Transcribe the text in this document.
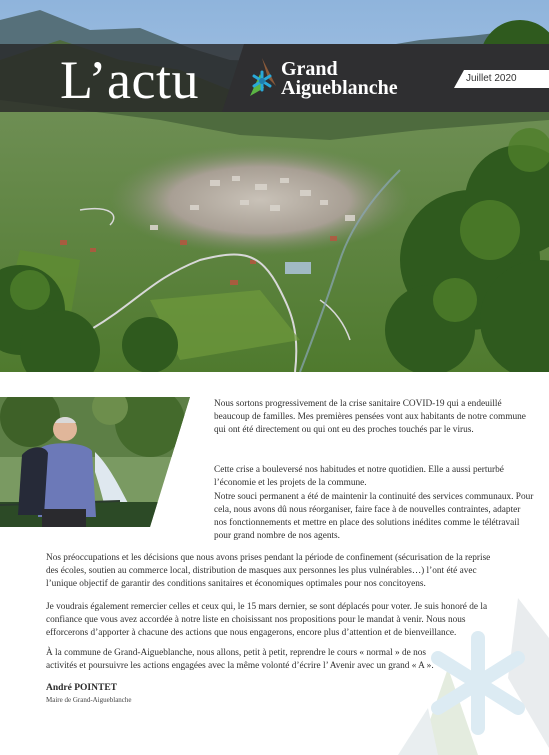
L’actu	Grand
Aigueblanche	Juillet 2020

Nous sortons progressivement de la crise sanitaire COVID-19 qui a endeuillé beaucoup de familles. Mes premières pensées vont aux habitants de notre commune qui ont été directement ou qui ont eu des proches touchés par le virus.

Cette crise a bouleversé nos habitudes et notre quotidien. Elle a aussi perturbé l’économie et les projets de la commune.

Notre souci permanent a été de maintenir la continuité des services communaux. Pour cela, nous avons dû nous réorganiser, faire face à de nouvelles contraintes, adapter nos fonctionnements et mettre en place des solutions inédites comme le télétravail pour grand nombre de nos agents.

Nos préoccupations et les décisions que nous avons prises pendant la période de confinement (sécurisation de la reprise des écoles, soutien au commerce local, distribution de masques aux personnes les plus vulnérables…) l’ont été avec l’unique objectif de garantir des conditions sanitaires et économiques optimales pour nos concitoyens.

Je voudrais également remercier celles et ceux qui, le 15 mars dernier, se sont déplacés pour voter. Je suis honoré de la confiance que vous avez accordée à notre liste en choisissant nos propositions pour le mandat à venir. Nous nous efforcerons d’apporter à chacune des actions que nous engagerons, encore plus d’attention et de bienveillance.

À la commune de Grand-Aigueblanche, nous allons, petit à petit, reprendre le cours « normal » de nos activités et poursuivre les actions engagées avec la même volonté d’écrire l’ Avenir avec un grand « A ».

André POINTET
Maire de Grand-Aigueblanche
